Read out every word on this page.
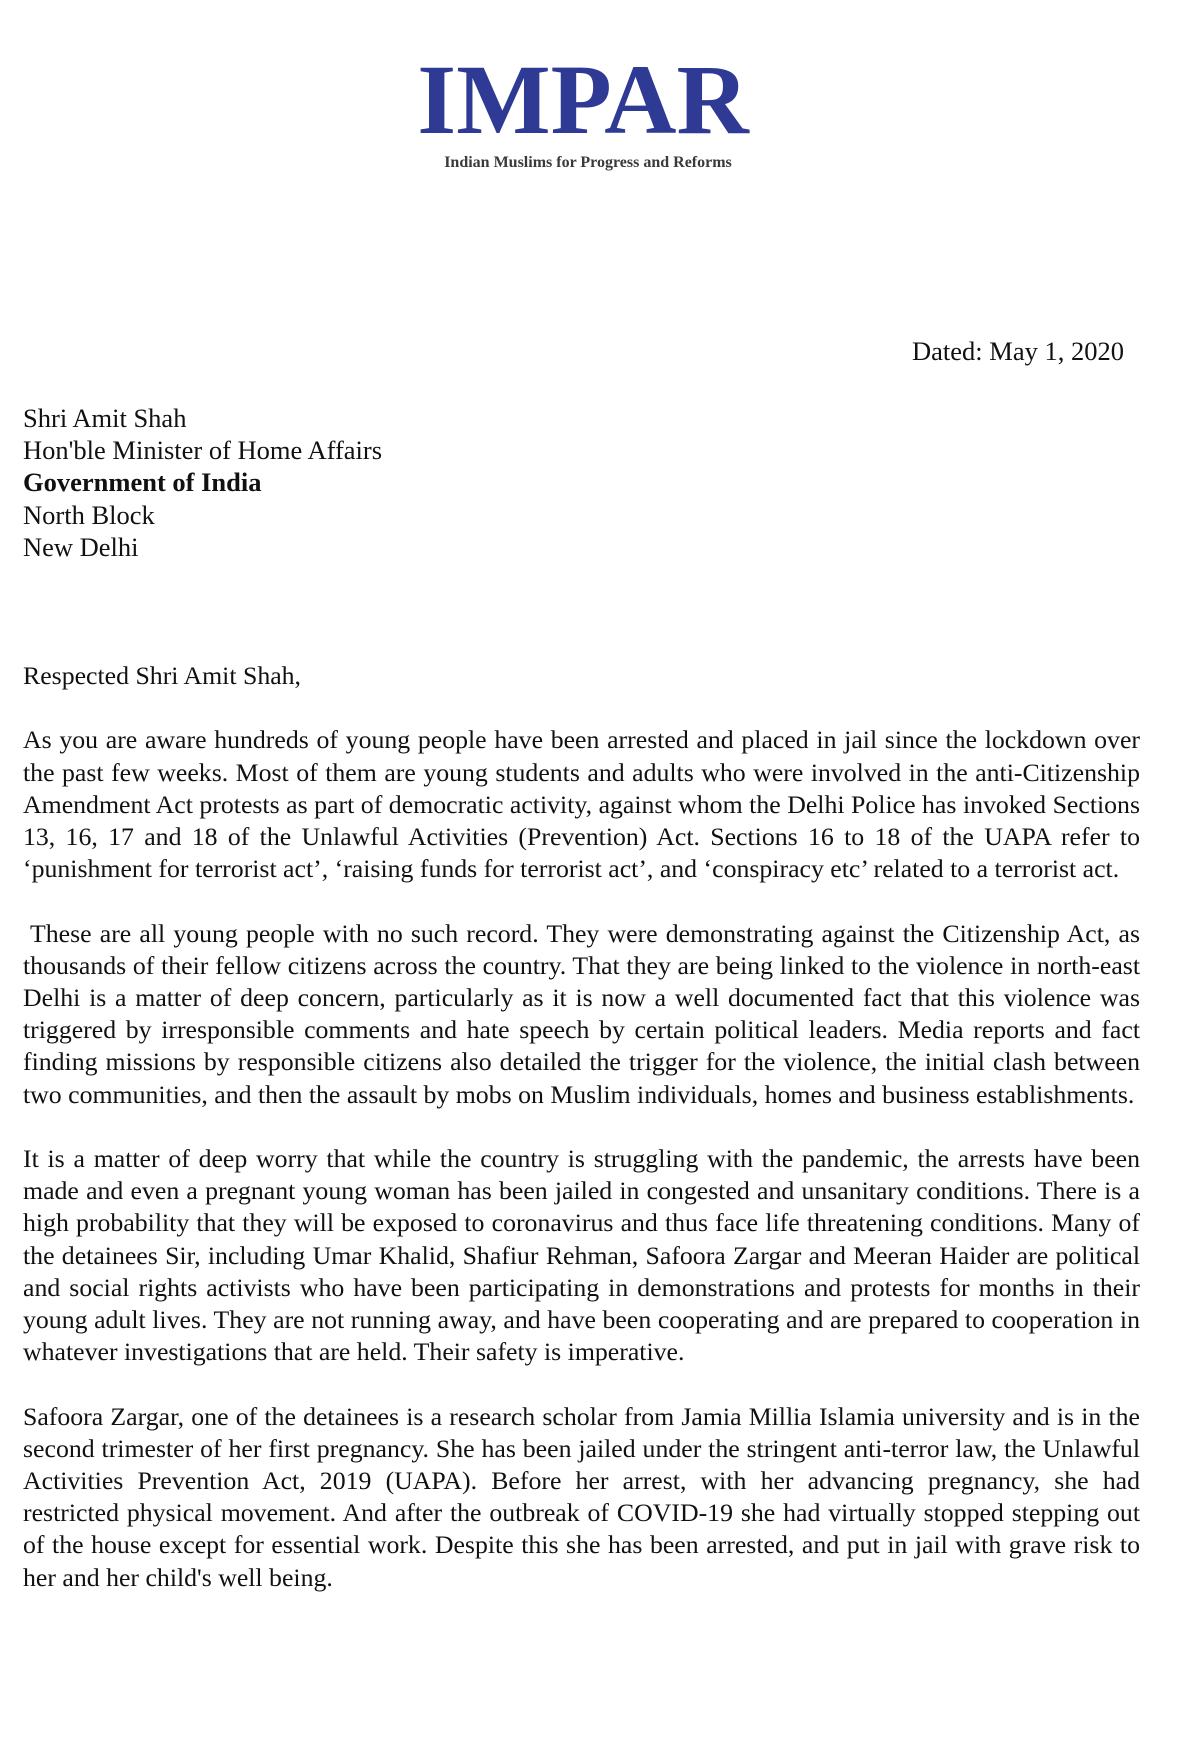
IMPAR
Indian Muslims for Progress and Reforms
Dated: May 1, 2020
Shri Amit Shah
Hon'ble Minister of Home Affairs
Government of India
North Block
New Delhi

Respected Shri Amit Shah,

As you are aware hundreds of young people have been arrested and placed in jail since the lockdown over the past few weeks. Most of them are young students and adults who were involved in the anti-Citizenship Amendment Act protests as part of democratic activity, against whom the Delhi Police has invoked Sections 13, 16, 17 and 18 of the Unlawful Activities (Prevention) Act. Sections 16 to 18 of the UAPA refer to ‘punishment for terrorist act’, ‘raising funds for terrorist act’, and ‘conspiracy etc’ related to a terrorist act.

These are all young people with no such record. They were demonstrating against the Citizenship Act, as thousands of their fellow citizens across the country. That they are being linked to the violence in north-east Delhi is a matter of deep concern, particularly as it is now a well documented fact that this violence was triggered by irresponsible comments and hate speech by certain political leaders. Media reports and fact finding missions by responsible citizens also detailed the trigger for the violence, the initial clash between two communities, and then the assault by mobs on Muslim individuals, homes and business establishments.

It is a matter of deep worry that while the country is struggling with the pandemic, the arrests have been made and even a pregnant young woman has been jailed in congested and unsanitary conditions. There is a high probability that they will be exposed to coronavirus and thus face life threatening conditions. Many of the detainees Sir, including Umar Khalid, Shafiur Rehman, Safoora Zargar and Meeran Haider are political and social rights activists who have been participating in demonstrations and protests for months in their young adult lives. They are not running away, and have been cooperating and are prepared to cooperation in whatever investigations that are held. Their safety is imperative.

Safoora Zargar, one of the detainees is a research scholar from Jamia Millia Islamia university and is in the second trimester of her first pregnancy. She has been jailed under the stringent anti-terror law, the Unlawful Activities Prevention Act, 2019 (UAPA). Before her arrest, with her advancing pregnancy, she had restricted physical movement. And after the outbreak of COVID-19 she had virtually stopped stepping out of the house except for essential work. Despite this she has been arrested, and put in jail with grave risk to her and her child's well being.
